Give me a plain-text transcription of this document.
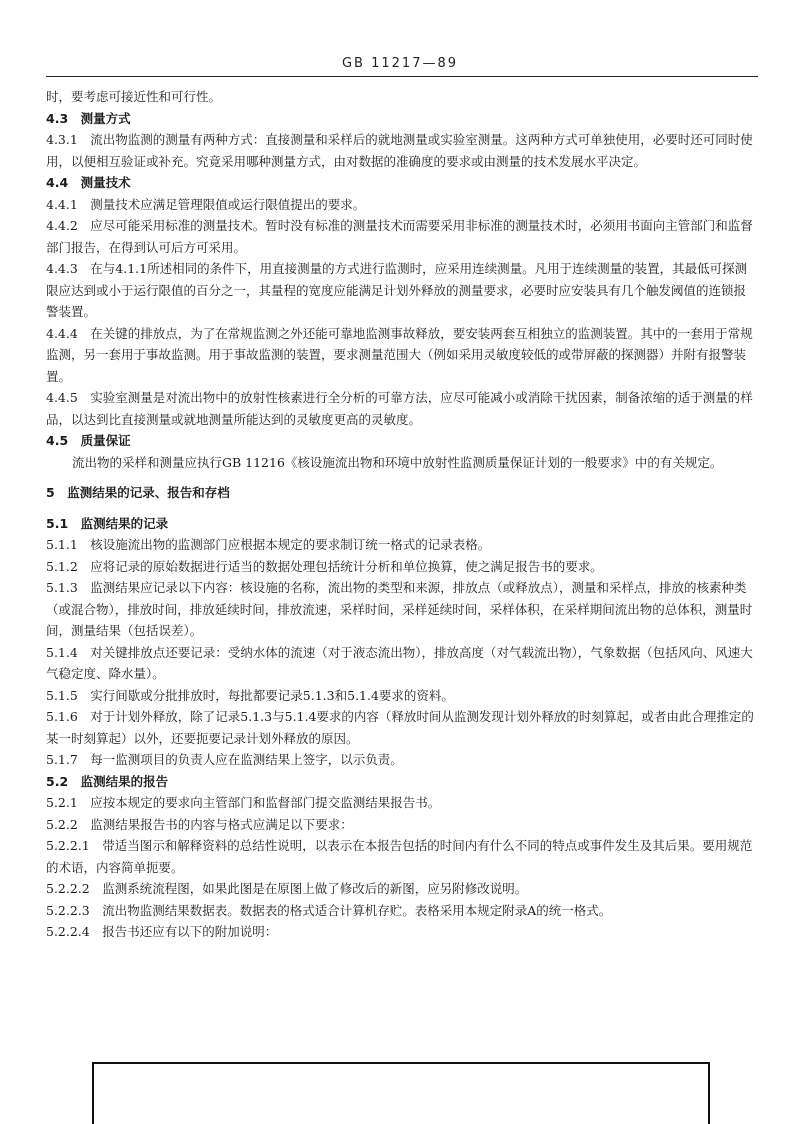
GB 11217—89
时，要考虑可接近性和可行性。
4.3　测量方式
4.3.1　流出物监测的测量有两种方式：直接测量和采样后的就地测量或实验室测量。这两种方式可单独使用，必要时还可同时使用，以便相互验证或补充。究竟采用哪种测量方式，由对数据的准确度的要求或由测量的技术发展水平决定。
4.4　测量技术
4.4.1　测量技术应满足管理限值或运行限值提出的要求。
4.4.2　应尽可能采用标准的测量技术。暂时没有标准的测量技术而需要采用非标准的测量技术时，必须用书面向主管部门和监督部门报告，在得到认可后方可采用。
4.4.3　在与4.1.1所述相同的条件下，用直接测量的方式进行监测时，应采用连续测量。凡用于连续测量的装置，其最低可探测限应达到或小于运行限值的百分之一，其量程的宽度应能满足计划外释放的测量要求，必要时应安装具有几个触发阈值的连锁报警装置。
4.4.4　在关键的排放点，为了在常规监测之外还能可靠地监测事故释放，要安装两套互相独立的监测装置。其中的一套用于常规监测，另一套用于事故监测。用于事故监测的装置，要求测量范围大（例如采用灵敏度较低的或带屏蔽的探测器）并附有报警装置。
4.4.5　实验室测量是对流出物中的放射性核素进行全分析的可靠方法，应尽可能减小或消除干扰因素，制备浓缩的适于测量的样品，以达到比直接测量或就地测量所能达到的灵敏度更高的灵敏度。
4.5　质量保证
流出物的采样和测量应执行GB 11216《核设施流出物和环境中放射性监测质量保证计划的一般要求》中的有关规定。
5　监测结果的记录、报告和存档
5.1　监测结果的记录
5.1.1　核设施流出物的监测部门应根据本规定的要求制订统一格式的记录表格。
5.1.2　应将记录的原始数据进行适当的数据处理包括统计分析和单位换算，使之满足报告书的要求。
5.1.3　监测结果应记录以下内容：核设施的名称，流出物的类型和来源，排放点（或释放点），测量和采样点，排放的核素种类（或混合物），排放时间，排放延续时间，排放流速，采样时间，采样延续时间，采样体积，在采样期间流出物的总体积，测量时间，测量结果（包括误差）。
5.1.4　对关键排放点还要记录：受纳水体的流速（对于液态流出物），排放高度（对气载流出物），气象数据（包括风向、风速大气稳定度、降水量）。
5.1.5　实行间歇或分批排放时，每批都要记录5.1.3和5.1.4要求的资料。
5.1.6　对于计划外释放，除了记录5.1.3与5.1.4要求的内容（释放时间从监测发现计划外释放的时刻算起，或者由此合理推定的某一时刻算起）以外，还要扼要记录计划外释放的原因。
5.1.7　每一监测项目的负责人应在监测结果上签字，以示负责。
5.2　监测结果的报告
5.2.1　应按本规定的要求向主管部门和监督部门提交监测结果报告书。
5.2.2　监测结果报告书的内容与格式应满足以下要求：
5.2.2.1　带适当图示和解释资料的总结性说明，以表示在本报告包括的时间内有什么不同的特点或事件发生及其后果。要用规范的术语，内容简单扼要。
5.2.2.2　监测系统流程图，如果此图是在原图上做了修改后的新图，应另附修改说明。
5.2.2.3　流出物监测结果数据表。数据表的格式适合计算机存贮。表格采用本规定附录A的统一格式。
5.2.2.4　报告书还应有以下的附加说明：
